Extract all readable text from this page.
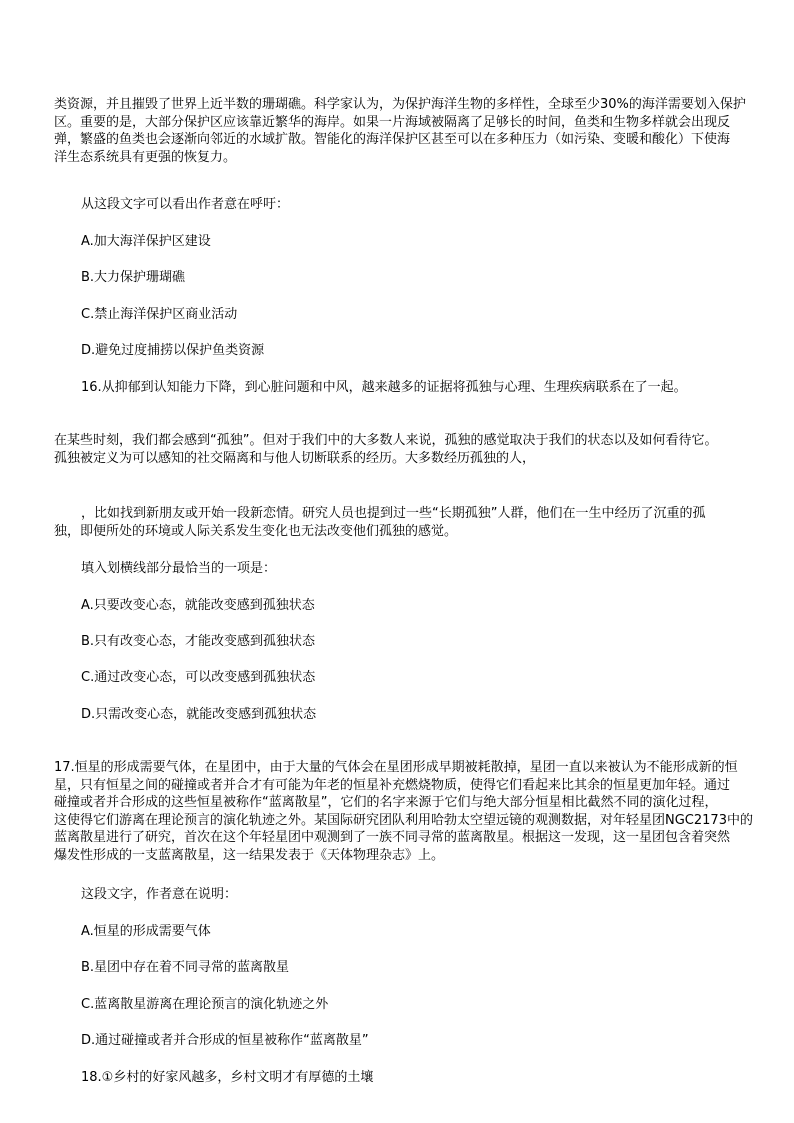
类资源，并且摧毁了世界上近半数的珊瑚礁。科学家认为，为保护海洋生物的多样性，全球至少30%的海洋需要划入保护
区。重要的是，大部分保护区应该靠近繁华的海岸。如果一片海域被隔离了足够长的时间，鱼类和生物多样就会出现反
弹，繁盛的鱼类也会逐渐向邻近的水域扩散。智能化的海洋保护区甚至可以在多种压力（如污染、变暖和酸化）下使海
洋生态系统具有更强的恢复力。
从这段文字可以看出作者意在呼吁：
A.加大海洋保护区建设
B.大力保护珊瑚礁
C.禁止海洋保护区商业活动
D.避免过度捕捞以保护鱼类资源
16.从抑郁到认知能力下降，到心脏问题和中风，越来越多的证据将孤独与心理、生理疾病联系在了一起。
在某些时刻，我们都会感到“孤独”。但对于我们中的大多数人来说，孤独的感觉取决于我们的状态以及如何看待它。
孤独被定义为可以感知的社交隔离和与他人切断联系的经历。大多数经历孤独的人，
，比如找到新朋友或开始一段新恋情。研究人员也提到过一些“长期孤独”人群，他们在一生中经历了沉重的孤
独，即便所处的环境或人际关系发生变化也无法改变他们孤独的感觉。
填入划横线部分最恰当的一项是：
A.只要改变心态，就能改变感到孤独状态
B.只有改变心态，才能改变感到孤独状态
C.通过改变心态，可以改变感到孤独状态
D.只需改变心态，就能改变感到孤独状态
17.恒星的形成需要气体，在星团中，由于大量的气体会在星团形成早期被耗散掉，星团一直以来被认为不能形成新的恒
星，只有恒星之间的碰撞或者并合才有可能为年老的恒星补充燃烧物质，使得它们看起来比其余的恒星更加年轻。通过
碰撞或者并合形成的这些恒星被称作“蓝离散星”，它们的名字来源于它们与绝大部分恒星相比截然不同的演化过程，
这使得它们游离在理论预言的演化轨迹之外。某国际研究团队利用哈勃太空望远镜的观测数据，对年轻星团NGC2173中的
蓝离散星进行了研究，首次在这个年轻星团中观测到了一族不同寻常的蓝离散星。根据这一发现，这一星团包含着突然
爆发性形成的一支蓝离散星，这一结果发表于《天体物理杂志》上。
这段文字，作者意在说明：
A.恒星的形成需要气体
B.星团中存在着不同寻常的蓝离散星
C.蓝离散星游离在理论预言的演化轨迹之外
D.通过碰撞或者并合形成的恒星被称作“蓝离散星”
18.①乡村的好家风越多，乡村文明才有厚德的土壤
